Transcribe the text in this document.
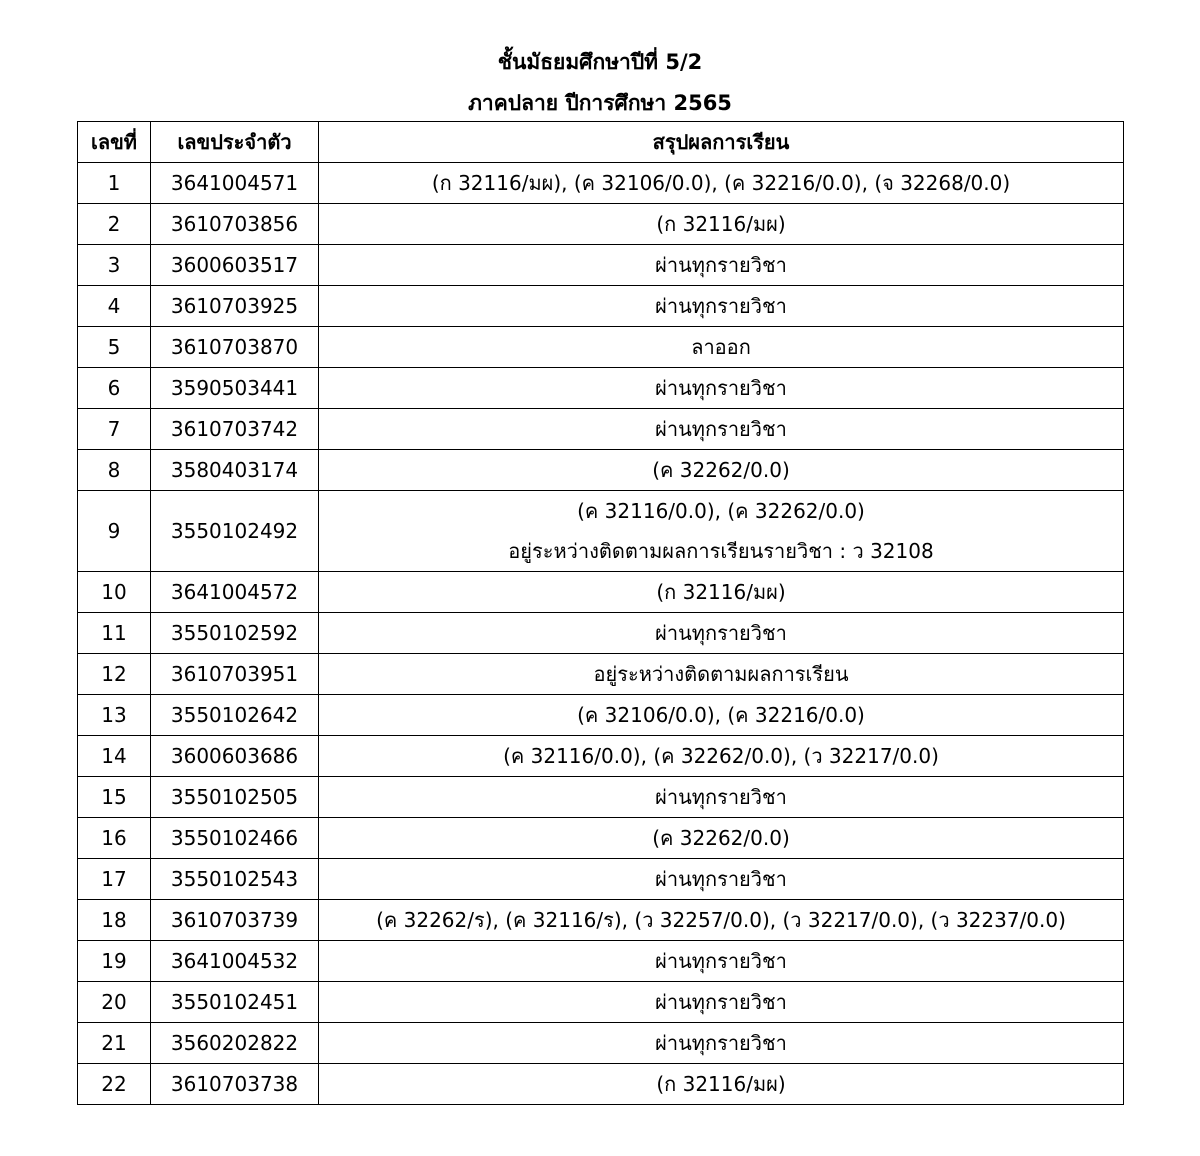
ชั้นมัธยมศึกษาปีที่ 5/2
ภาคปลาย ปีการศึกษา 2565
เลขที่	เลขประจำตัว	สรุปผลการเรียน
1	3641004571	(ก 32116/มผ), (ค 32106/0.0), (ค 32216/0.0), (จ 32268/0.0)

2	3610703856	(ก 32116/มผ)

3	3600603517	ผ่านทุกรายวิชา

4	3610703925	ผ่านทุกรายวิชา

5	3610703870	ลาออก

6	3590503441	ผ่านทุกรายวิชา

7	3610703742	ผ่านทุกรายวิชา

8	3580403174	(ค 32262/0.0)

9	3550102492	(ค 32116/0.0), (ค 32262/0.0)
อยู่ระหว่างติดตามผลการเรียนรายวิชา : ว 32108

10	3641004572	(ก 32116/มผ)

11	3550102592	ผ่านทุกรายวิชา

12	3610703951	อยู่ระหว่างติดตามผลการเรียน

13	3550102642	(ค 32106/0.0), (ค 32216/0.0)

14	3600603686	(ค 32116/0.0), (ค 32262/0.0), (ว 32217/0.0)

15	3550102505	ผ่านทุกรายวิชา

16	3550102466	(ค 32262/0.0)

17	3550102543	ผ่านทุกรายวิชา

18	3610703739	(ค 32262/ร), (ค 32116/ร), (ว 32257/0.0), (ว 32217/0.0), (ว 32237/0.0)

19	3641004532	ผ่านทุกรายวิชา

20	3550102451	ผ่านทุกรายวิชา

21	3560202822	ผ่านทุกรายวิชา

22	3610703738	(ก 32116/มผ)
